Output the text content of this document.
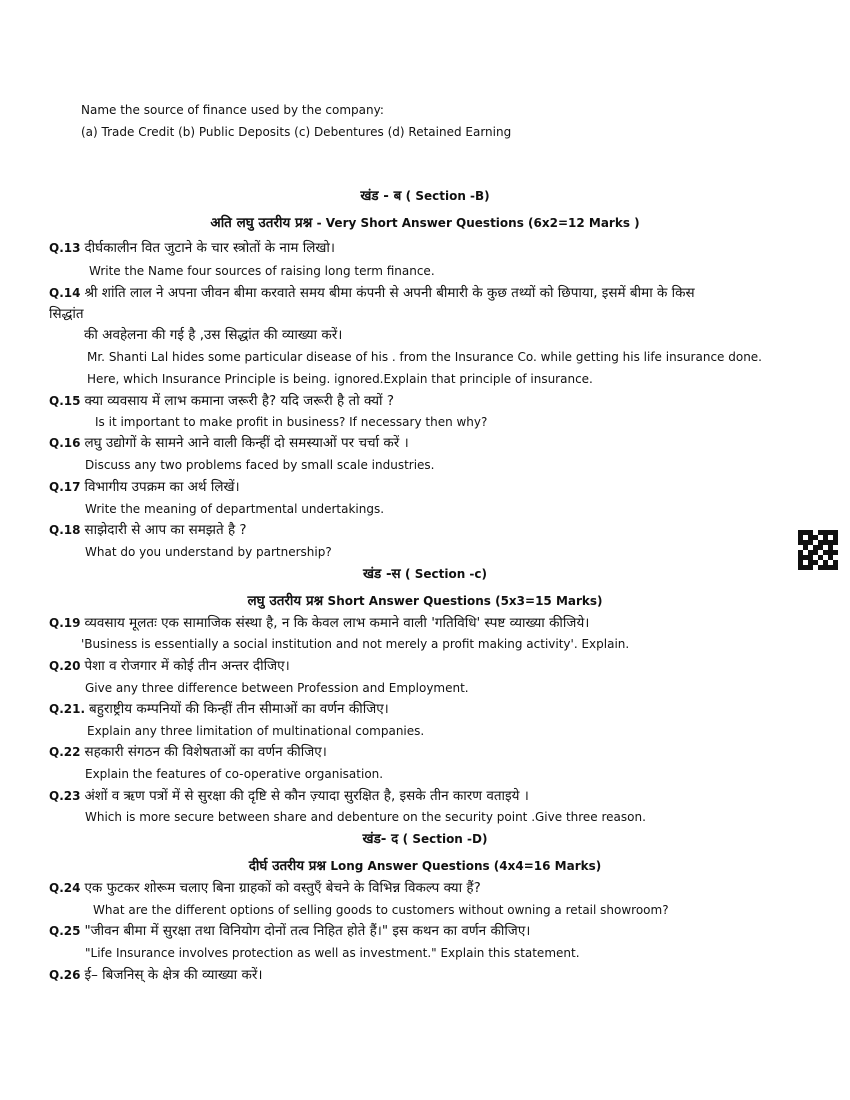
Name the source of finance used by the company:
(a) Trade Credit (b) Public Deposits (c) Debentures (d) Retained Earning
खंड - ब ( Section -B)
अति लघु उतरीय प्रश्न - Very Short Answer Questions (6x2=12 Marks )
Q.13 दीर्घकालीन वित जुटाने के चार स्त्रोतों के नाम लिखो।
Write the Name four sources of raising long term finance.
Q.14 श्री शांति लाल ने अपना जीवन बीमा करवाते समय बीमा कंपनी से अपनी बीमारी के कुछ तथ्यों को छिपाया, इसमें बीमा के किस
सिद्धांत
की अवहेलना की गई है ,उस सिद्धांत की व्याख्या करें।
Mr. Shanti Lal hides some particular disease of his . from the Insurance Co. while getting his life insurance done.
Here, which Insurance Principle is being. ignored.Explain that principle of insurance.
Q.15 क्या व्यवसाय में लाभ कमाना जरूरी है? यदि जरूरी है तो क्यों ?
Is it important to make profit in business? If necessary then why?
Q.16 लघु उद्योगों के सामने आने वाली किन्हीं दो समस्याओं पर चर्चा करें ।
Discuss any two problems faced by small scale industries.
Q.17 विभागीय उपक्रम का अर्थ लिखें।
Write the meaning of departmental undertakings.
Q.18 साझेदारी से आप का समझते है ?
What do you understand by partnership?
खंड -स ( Section -c)
लघु उतरीय प्रश्न Short Answer Questions (5x3=15 Marks)
Q.19 व्यवसाय मूलतः एक सामाजिक संस्था है, न कि केवल लाभ कमाने वाली 'गतिविधि' स्पष्ट व्याख्या कीजिये।
'Business is essentially a social institution and not merely a profit making activity'. Explain.
Q.20 पेशा व रोजगार में कोई तीन अन्तर दीजिए।
Give any three difference between Profession and Employment.
Q.21. बहुराष्ट्रीय कम्पनियों की किन्हीं तीन सीमाओं का वर्णन कीजिए।
Explain any three limitation of multinational companies.
Q.22 सहकारी संगठन की विशेषताओं का वर्णन कीजिए।
Explain the features of co-operative organisation.
Q.23 अंशों व ऋण पत्रों में से सुरक्षा की दृष्टि से कौन ज़्यादा सुरक्षित है, इसके तीन कारण वताइये ।
Which is more secure between share and debenture on the security point .Give three reason.
खंड- द ( Section -D)
दीर्घ उतरीय प्रश्न Long Answer Questions (4x4=16 Marks)
Q.24 एक फुटकर शोरूम चलाए बिना ग्राहकों को वस्तुएँ बेचने के विभिन्न विकल्प क्या हैं?
What are the different options of selling goods to customers without owning a retail showroom?
Q.25 "जीवन बीमा में सुरक्षा तथा विनियोग दोनों तत्व निहित होते हैं।" इस कथन का वर्णन कीजिए।
"Life Insurance involves protection as well as investment." Explain this statement.
Q.26 ई– बिजनिस् के क्षेत्र की व्याख्या करें।
